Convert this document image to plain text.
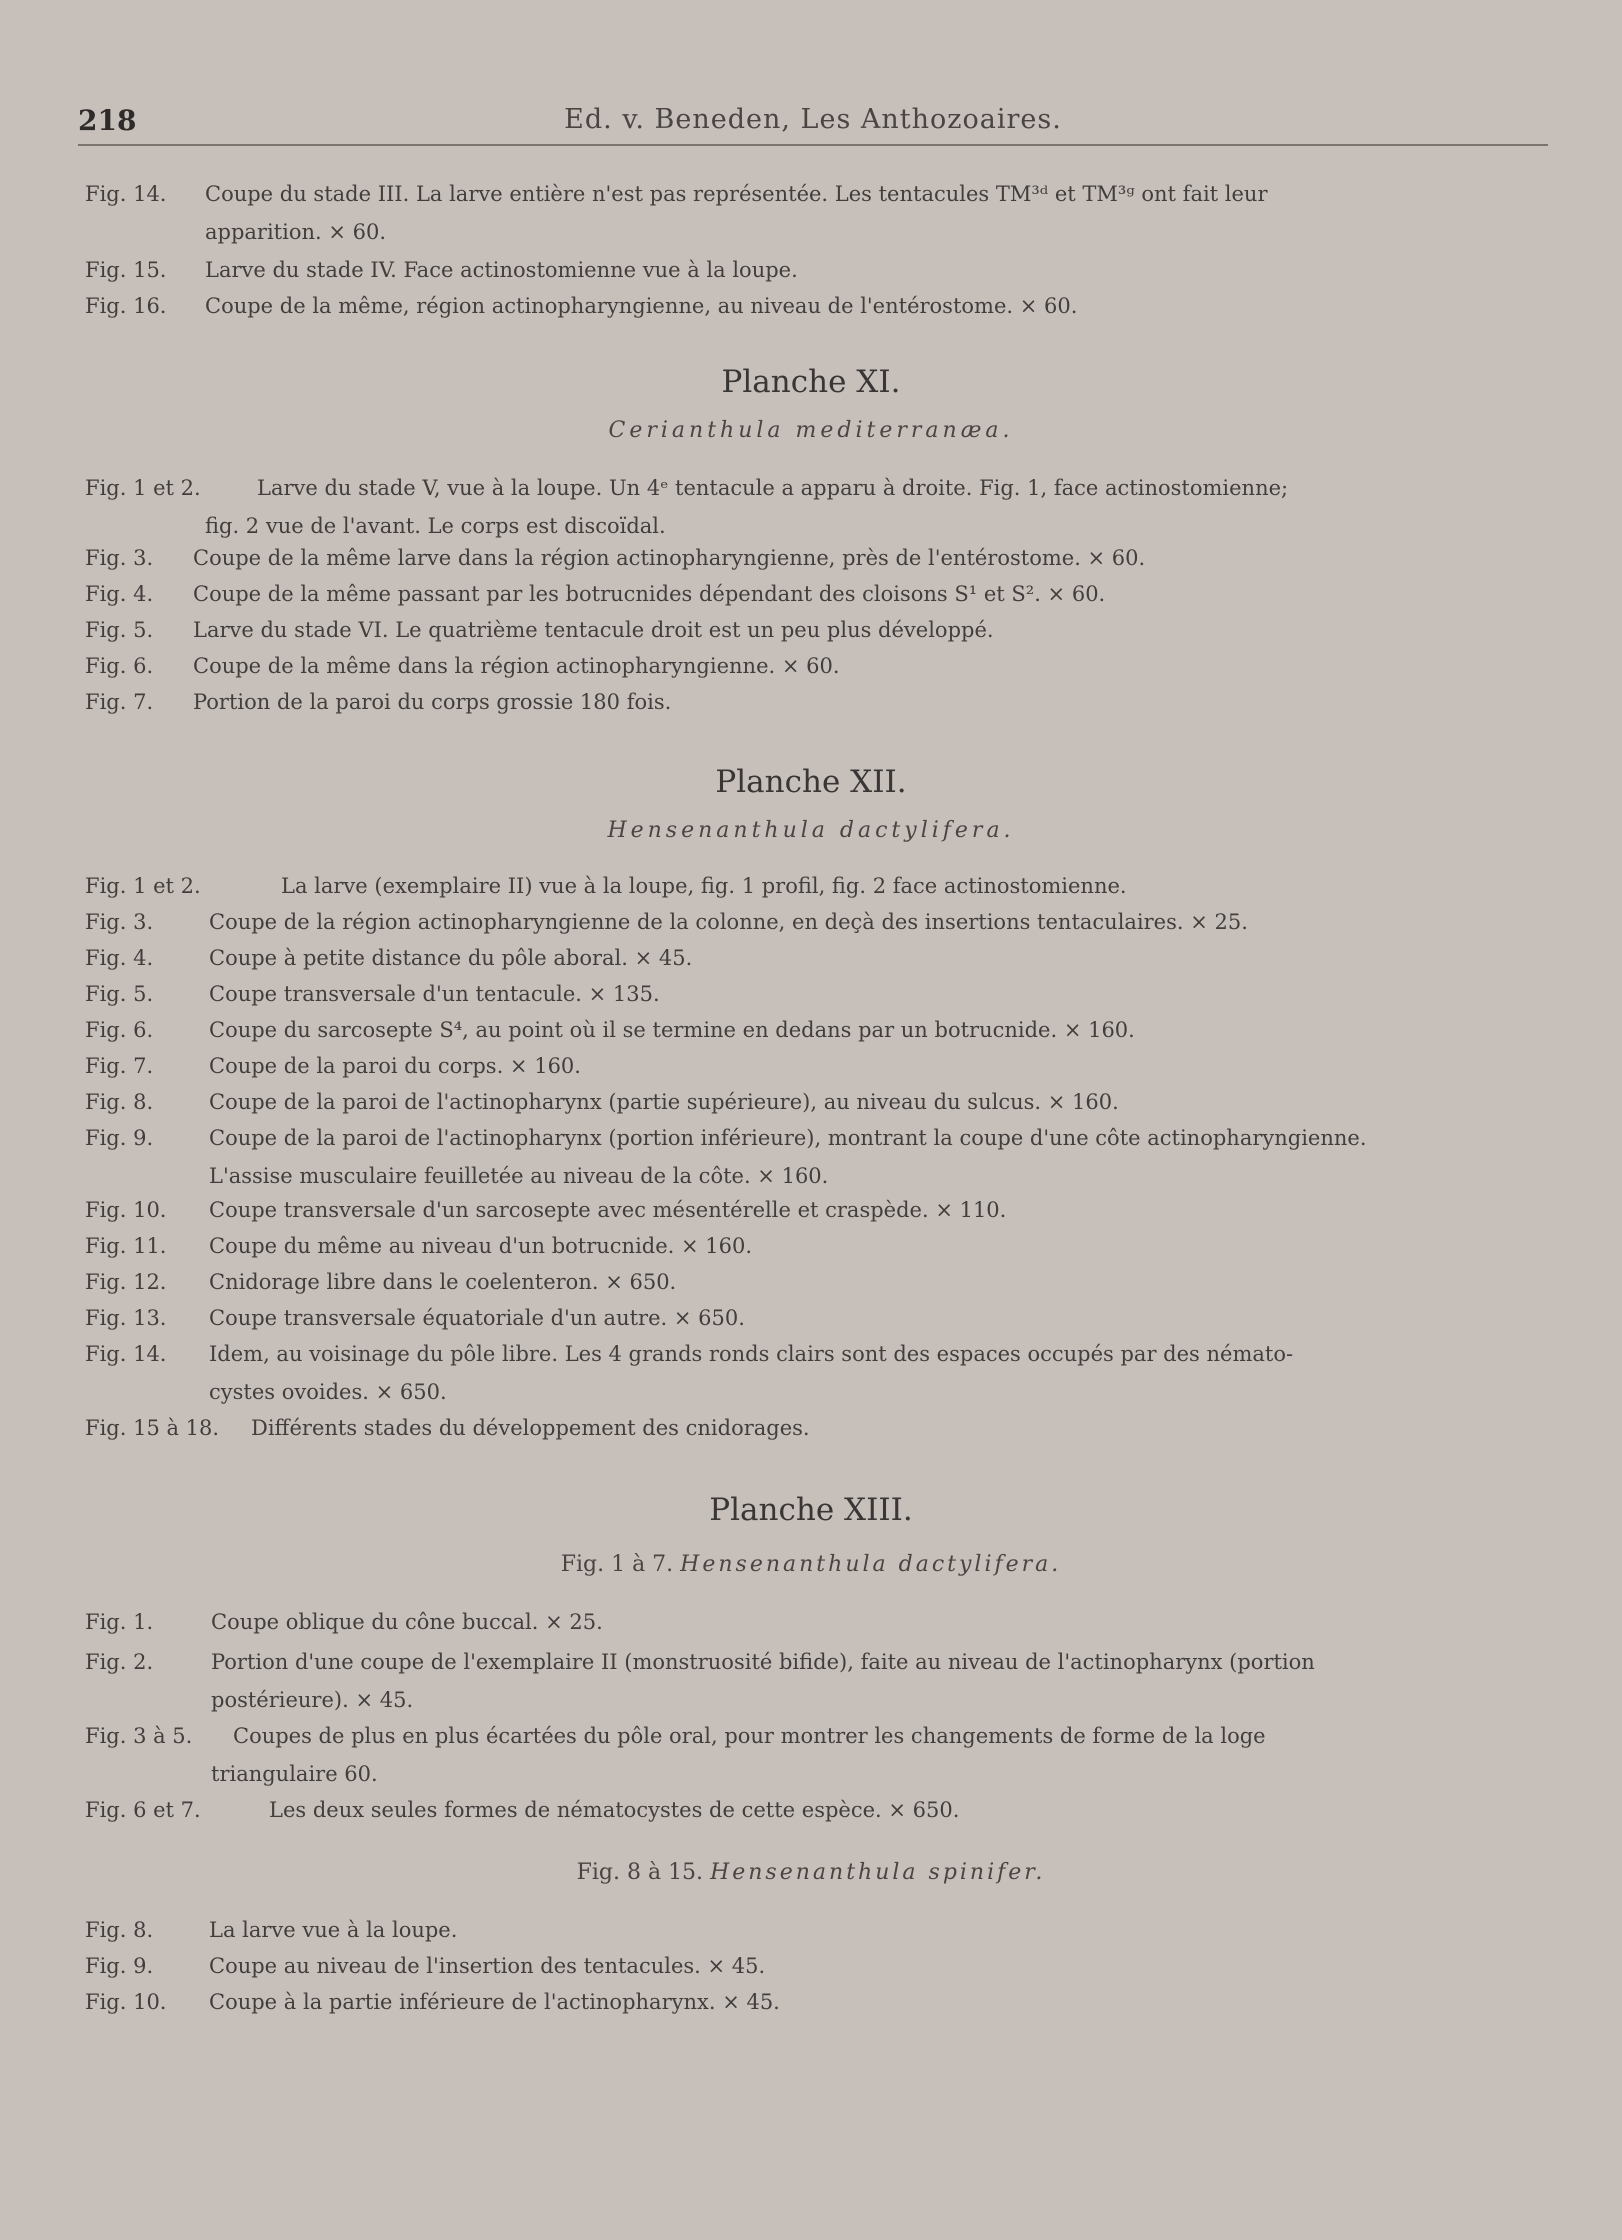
218	Ed. v. Beneden, Les Anthozoaires.
Fig. 14. Coupe du stade III. La larve entière n'est pas représentée. Les tentacules TM³ᵈ et TM³ᵍ ont fait leur
apparition. × 60.
Fig. 15. Larve du stade IV. Face actinostomienne vue à la loupe.
Fig. 16. Coupe de la même, région actinopharyngienne, au niveau de l'entérostome. × 60.
Planche XI.
Cerianthula mediterranæa.
Fig. 1 et 2.	Larve du stade V, vue à la loupe. Un 4ᵉ tentacule a apparu à droite. Fig. 1, face actinostomienne;
fig. 2 vue de l'avant. Le corps est discoïdal.
Fig. 3. Coupe de la même larve dans la région actinopharyngienne, près de l'entérostome. × 60.
Fig. 4. Coupe de la même passant par les botrucnides dépendant des cloisons S¹ et S². × 60.
Fig. 5. Larve du stade VI. Le quatrième tentacule droit est un peu plus développé.
Fig. 6. Coupe de la même dans la région actinopharyngienne. × 60.
Fig. 7. Portion de la paroi du corps grossie 180 fois.
Planche XII.
Hensenanthula dactylifera.
Fig. 1 et 2.	La larve (exemplaire II) vue à la loupe, fig. 1 profil, fig. 2 face actinostomienne.
Fig. 3.	Coupe de la région actinopharyngienne de la colonne, en deçà des insertions tentaculaires. × 25.
Fig. 4.	Coupe à petite distance du pôle aboral. × 45.
Fig. 5.	Coupe transversale d'un tentacule. × 135.
Fig. 6.	Coupe du sarcosepte S⁴, au point où il se termine en dedans par un botrucnide. × 160.
Fig. 7.	Coupe de la paroi du corps. × 160.
Fig. 8.	Coupe de la paroi de l'actinopharynx (partie supérieure), au niveau du sulcus. × 160.
Fig. 9.	Coupe de la paroi de l'actinopharynx (portion inférieure), montrant la coupe d'une côte actinopharyngienne.
L'assise musculaire feuilletée au niveau de la côte. × 160.
Fig. 10. Coupe transversale d'un sarcosepte avec mésentérelle et craspède. × 110.
Fig. 11. Coupe du même au niveau d'un botrucnide. × 160.
Fig. 12. Cnidorage libre dans le coelenteron. × 650.
Fig. 13. Coupe transversale équatoriale d'un autre. × 650.
Fig. 14. Idem, au voisinage du pôle libre. Les 4 grands ronds clairs sont des espaces occupés par des némato-
cystes ovoides. × 650.
Fig. 15 à 18. Différents stades du développement des cnidorages.
Planche XIII.
Fig. 1 à 7. Hensenanthula dactylifera.
Fig. 1.	Coupe oblique du cône buccal. × 25.
Fig. 2.	Portion d'une coupe de l'exemplaire II (monstruosité bifide), faite au niveau de l'actinopharynx (portion
postérieure). × 45.
Fig. 3 à 5. Coupes de plus en plus écartées du pôle oral, pour montrer les changements de forme de la loge
triangulaire 60.
Fig. 6 et 7.	Les deux seules formes de nématocystes de cette espèce. × 650.
Fig. 8 à 15. Hensenanthula spinifer.
Fig. 8.	La larve vue à la loupe.
Fig. 9.	Coupe au niveau de l'insertion des tentacules. × 45.
Fig. 10. Coupe à la partie inférieure de l'actinopharynx. × 45.
